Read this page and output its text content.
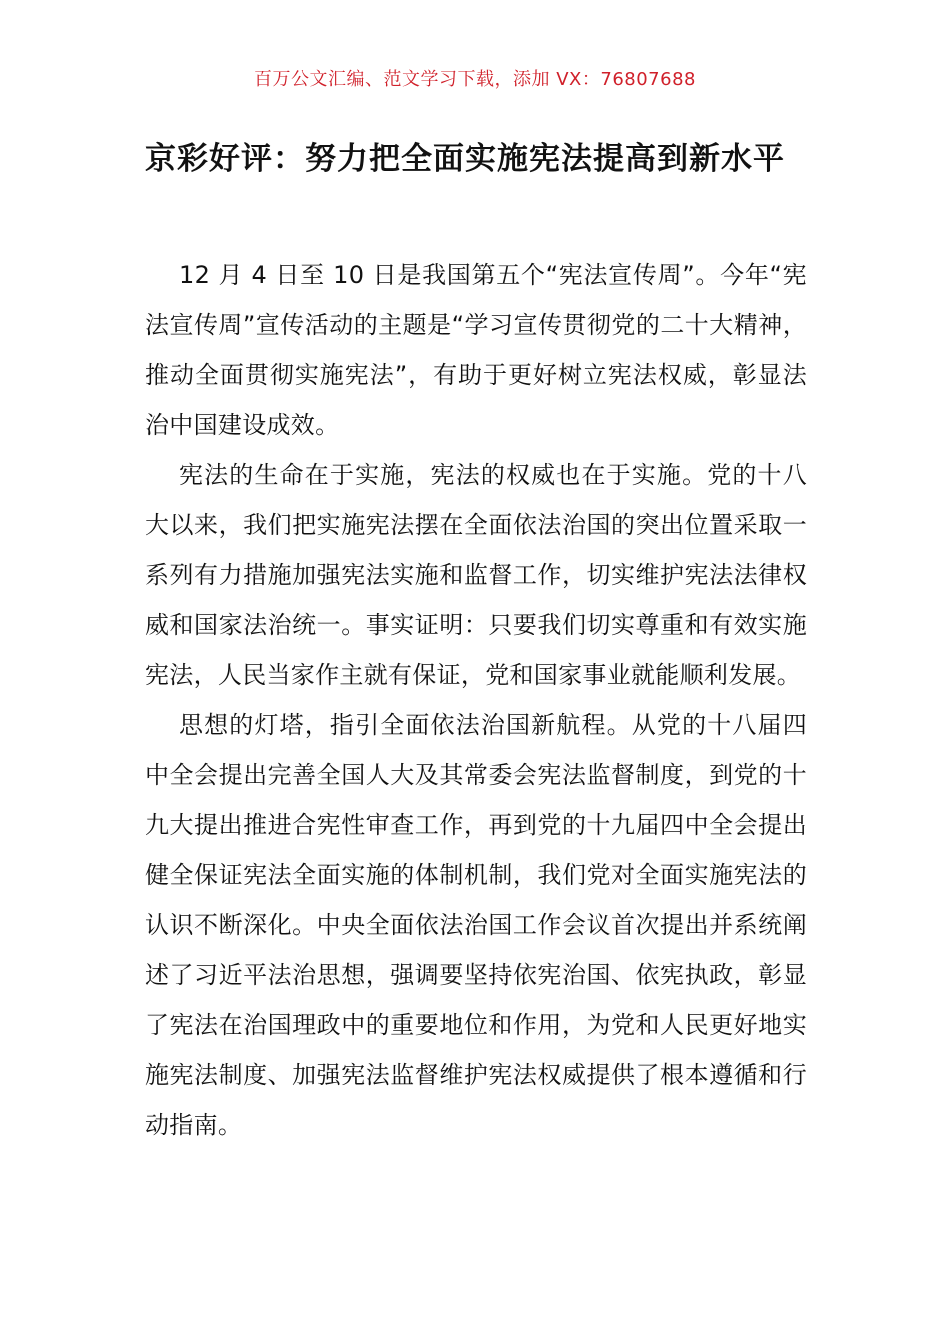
百万公文汇编、范文学习下载，添加 VX：76807688
京彩好评：努力把全面实施宪法提高到新水平

12 月 4 日至 10 日是我国第五个“宪法宣传周”。今年“宪法宣传周”宣传活动的主题是“学习宣传贯彻党的二十大精神，推动全面贯彻实施宪法”，有助于更好树立宪法权威，彰显法治中国建设成效。

宪法的生命在于实施，宪法的权威也在于实施。党的十八大以来，我们把实施宪法摆在全面依法治国的突出位置采取一系列有力措施加强宪法实施和监督工作，切实维护宪法法律权威和国家法治统一。事实证明：只要我们切实尊重和有效实施宪法，人民当家作主就有保证，党和国家事业就能顺利发展。

思想的灯塔，指引全面依法治国新航程。从党的十八届四中全会提出完善全国人大及其常委会宪法监督制度，到党的十九大提出推进合宪性审查工作，再到党的十九届四中全会提出健全保证宪法全面实施的体制机制，我们党对全面实施宪法的认识不断深化。中央全面依法治国工作会议首次提出并系统阐述了习近平法治思想，强调要坚持依宪治国、依宪执政，彰显了宪法在治国理政中的重要地位和作用，为党和人民更好地实施宪法制度、加强宪法监督维护宪法权威提供了根本遵循和行动指南。
